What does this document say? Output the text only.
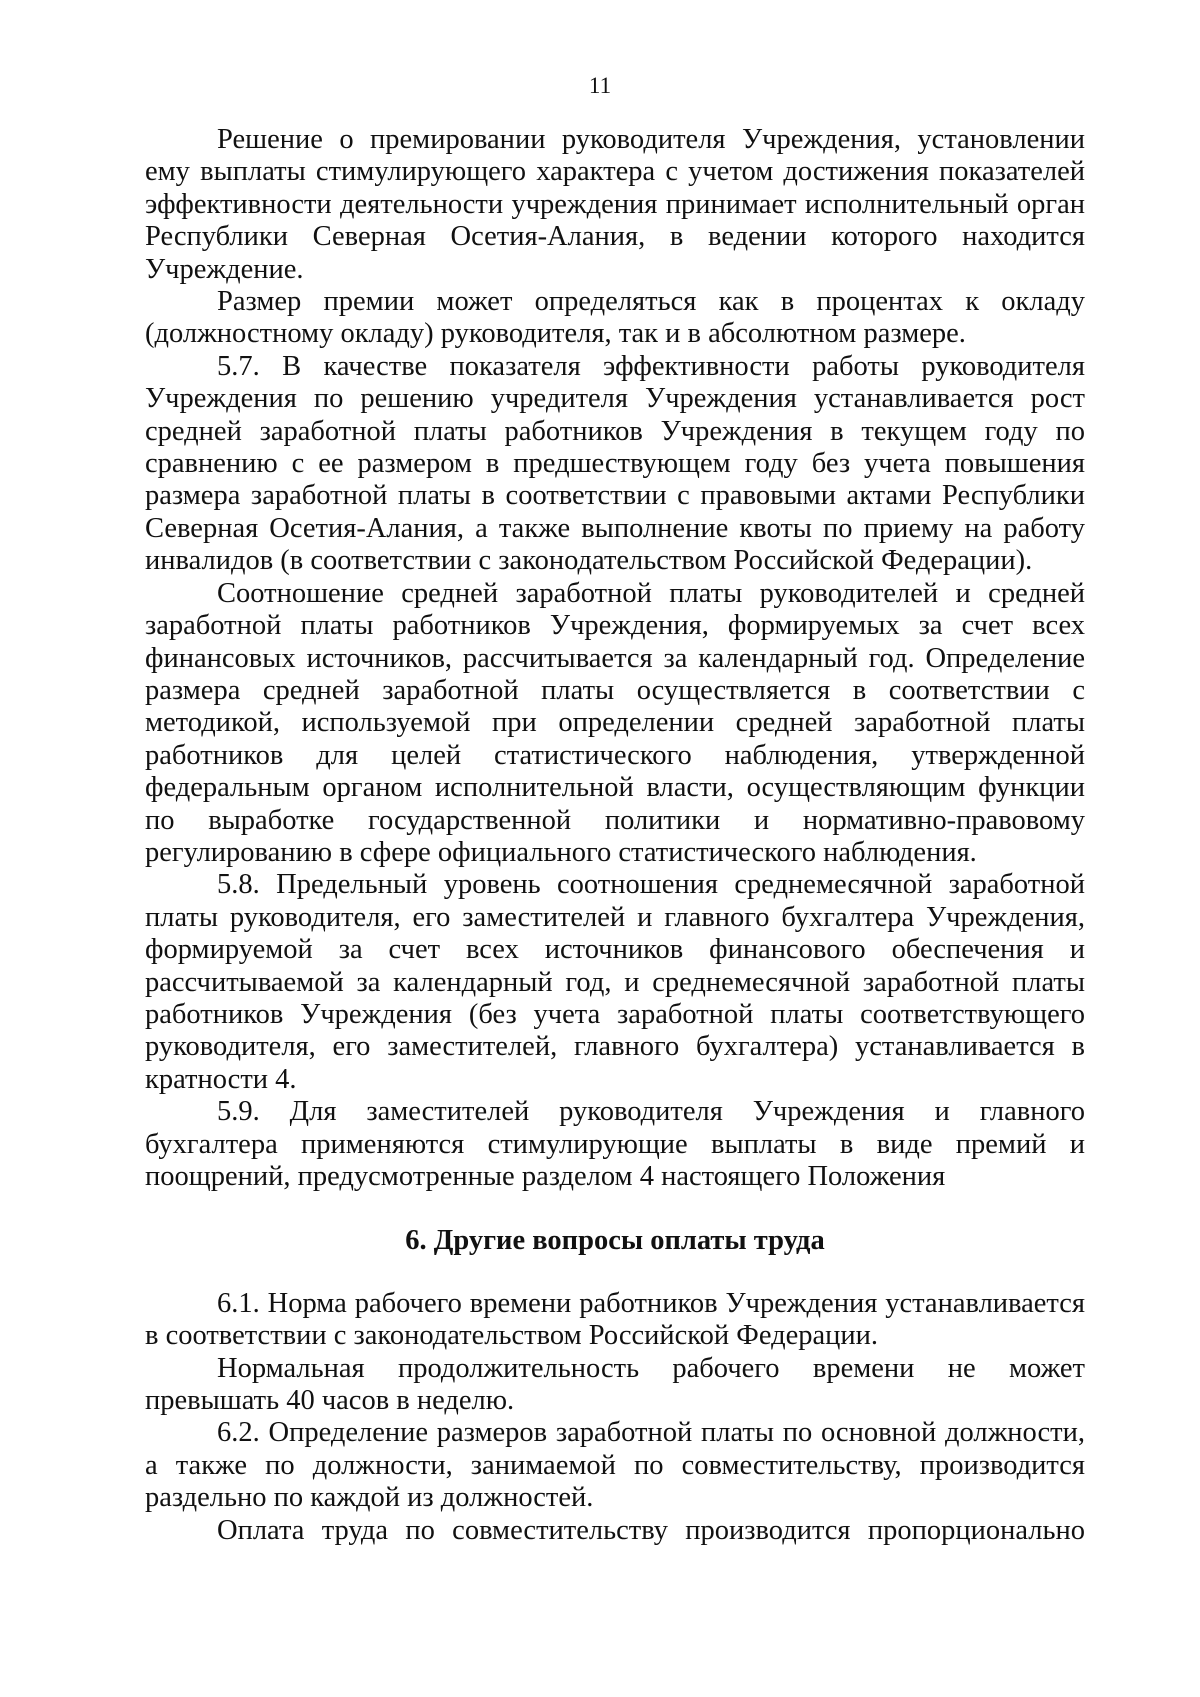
11

Решение о премировании руководителя Учреждения, установлении ему выплаты стимулирующего характера с учетом достижения показателей эффективности деятельности учреждения принимает исполнительный орган Республики Северная Осетия-Алания, в ведении которого находится Учреждение.

Размер премии может определяться как в процентах к окладу (должностному окладу) руководителя, так и в абсолютном размере.

5.7. В качестве показателя эффективности работы руководителя Учреждения по решению учредителя Учреждения устанавливается рост средней заработной платы работников Учреждения в текущем году по сравнению с ее размером в предшествующем году без учета повышения размера заработной платы в соответствии с правовыми актами Республики Северная Осетия-Алания, а также выполнение квоты по приему на работу инвалидов (в соответствии с законодательством Российской Федерации).

Соотношение средней заработной платы руководителей и средней заработной платы работников Учреждения, формируемых за счет всех финансовых источников, рассчитывается за календарный год. Определение размера средней заработной платы осуществляется в соответствии с методикой, используемой при определении средней заработной платы работников для целей статистического наблюдения, утвержденной федеральным органом исполнительной власти, осуществляющим функции по выработке государственной политики и нормативно-правовому регулированию в сфере официального статистического наблюдения.

5.8. Предельный уровень соотношения среднемесячной заработной платы руководителя, его заместителей и главного бухгалтера Учреждения, формируемой за счет всех источников финансового обеспечения и рассчитываемой за календарный год, и среднемесячной заработной платы работников Учреждения (без учета заработной платы соответствующего руководителя, его заместителей, главного бухгалтера) устанавливается в кратности 4.

5.9. Для заместителей руководителя Учреждения и главного бухгалтера применяются стимулирующие выплаты в виде премий и поощрений, предусмотренные разделом 4 настоящего Положения

6. Другие вопросы оплаты труда

6.1. Норма рабочего времени работников Учреждения устанавливается в соответствии с законодательством Российской Федерации.

Нормальная продолжительность рабочего времени не может превышать 40 часов в неделю.

6.2. Определение размеров заработной платы по основной должности, а также по должности, занимаемой по совместительству, производится раздельно по каждой из должностей.

Оплата труда по совместительству производится пропорционально
